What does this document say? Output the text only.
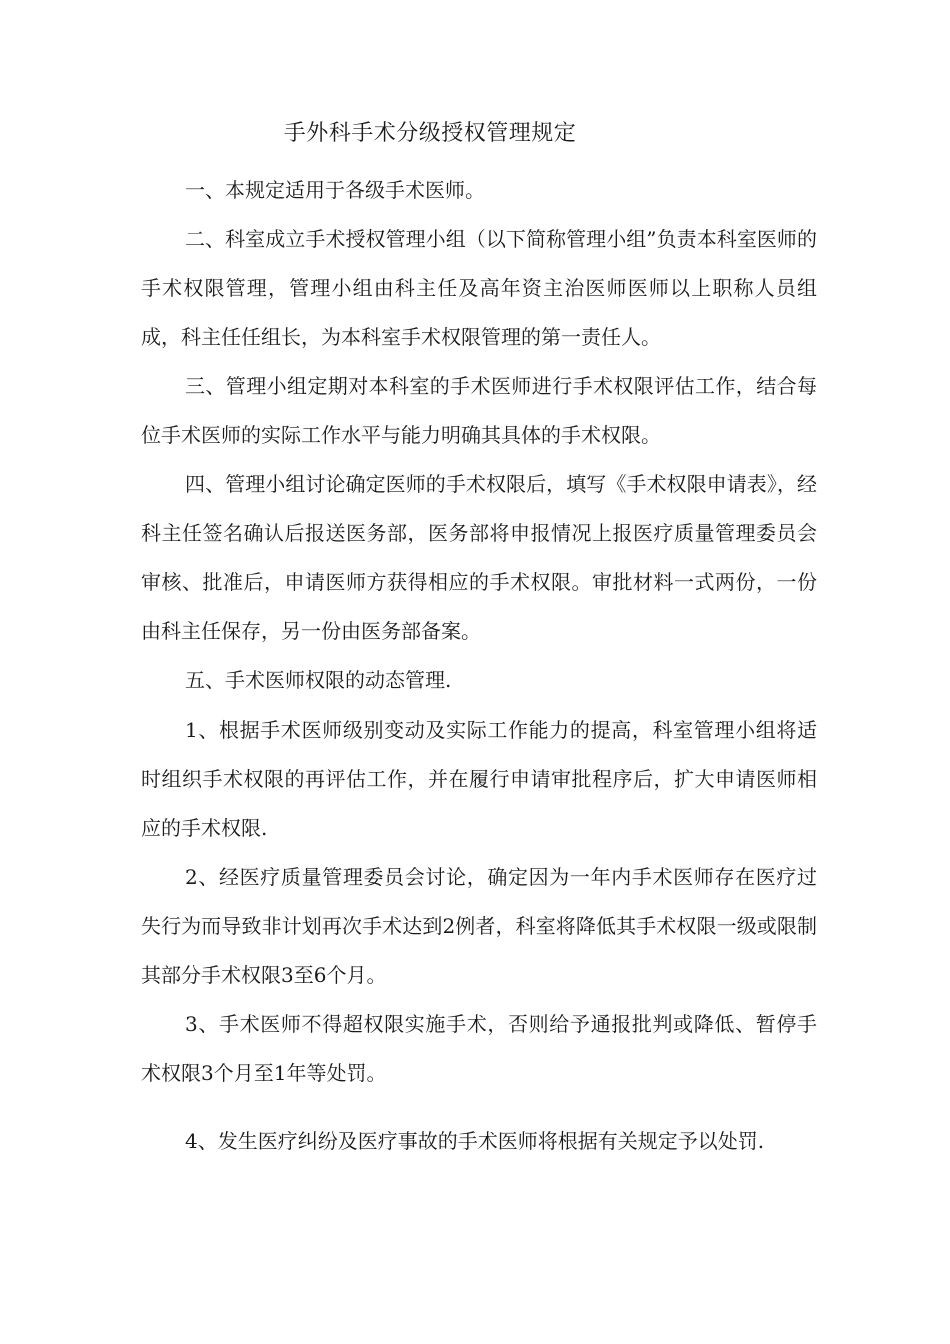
手外科手术分级授权管理规定

一、本规定适用于各级手术医师。

二、科室成立手术授权管理小组（以下简称管理小组”负责本科室医师的手术权限管理，管理小组由科主任及高年资主治医师医师以上职称人员组成，科主任任组长，为本科室手术权限管理的第一责任人。

三、管理小组定期对本科室的手术医师进行手术权限评估工作，结合每位手术医师的实际工作水平与能力明确其具体的手术权限。

四、管理小组讨论确定医师的手术权限后，填写《手术权限申请表》，经科主任签名确认后报送医务部，医务部将申报情况上报医疗质量管理委员会审核、批准后，申请医师方获得相应的手术权限。审批材料一式两份，一份由科主任保存，另一份由医务部备案。

五、手术医师权限的动态管理.

1、根据手术医师级别变动及实际工作能力的提高，科室管理小组将适时组织手术权限的再评估工作，并在履行申请审批程序后，扩大申请医师相应的手术权限.

2、经医疗质量管理委员会讨论，确定因为一年内手术医师存在医疗过失行为而导致非计划再次手术达到2例者，科室将降低其手术权限一级或限制其部分手术权限3至6个月。

3、手术医师不得超权限实施手术，否则给予通报批判或降低、暂停手术权限3个月至1年等处罚。

4、发生医疗纠纷及医疗事故的手术医师将根据有关规定予以处罚.
